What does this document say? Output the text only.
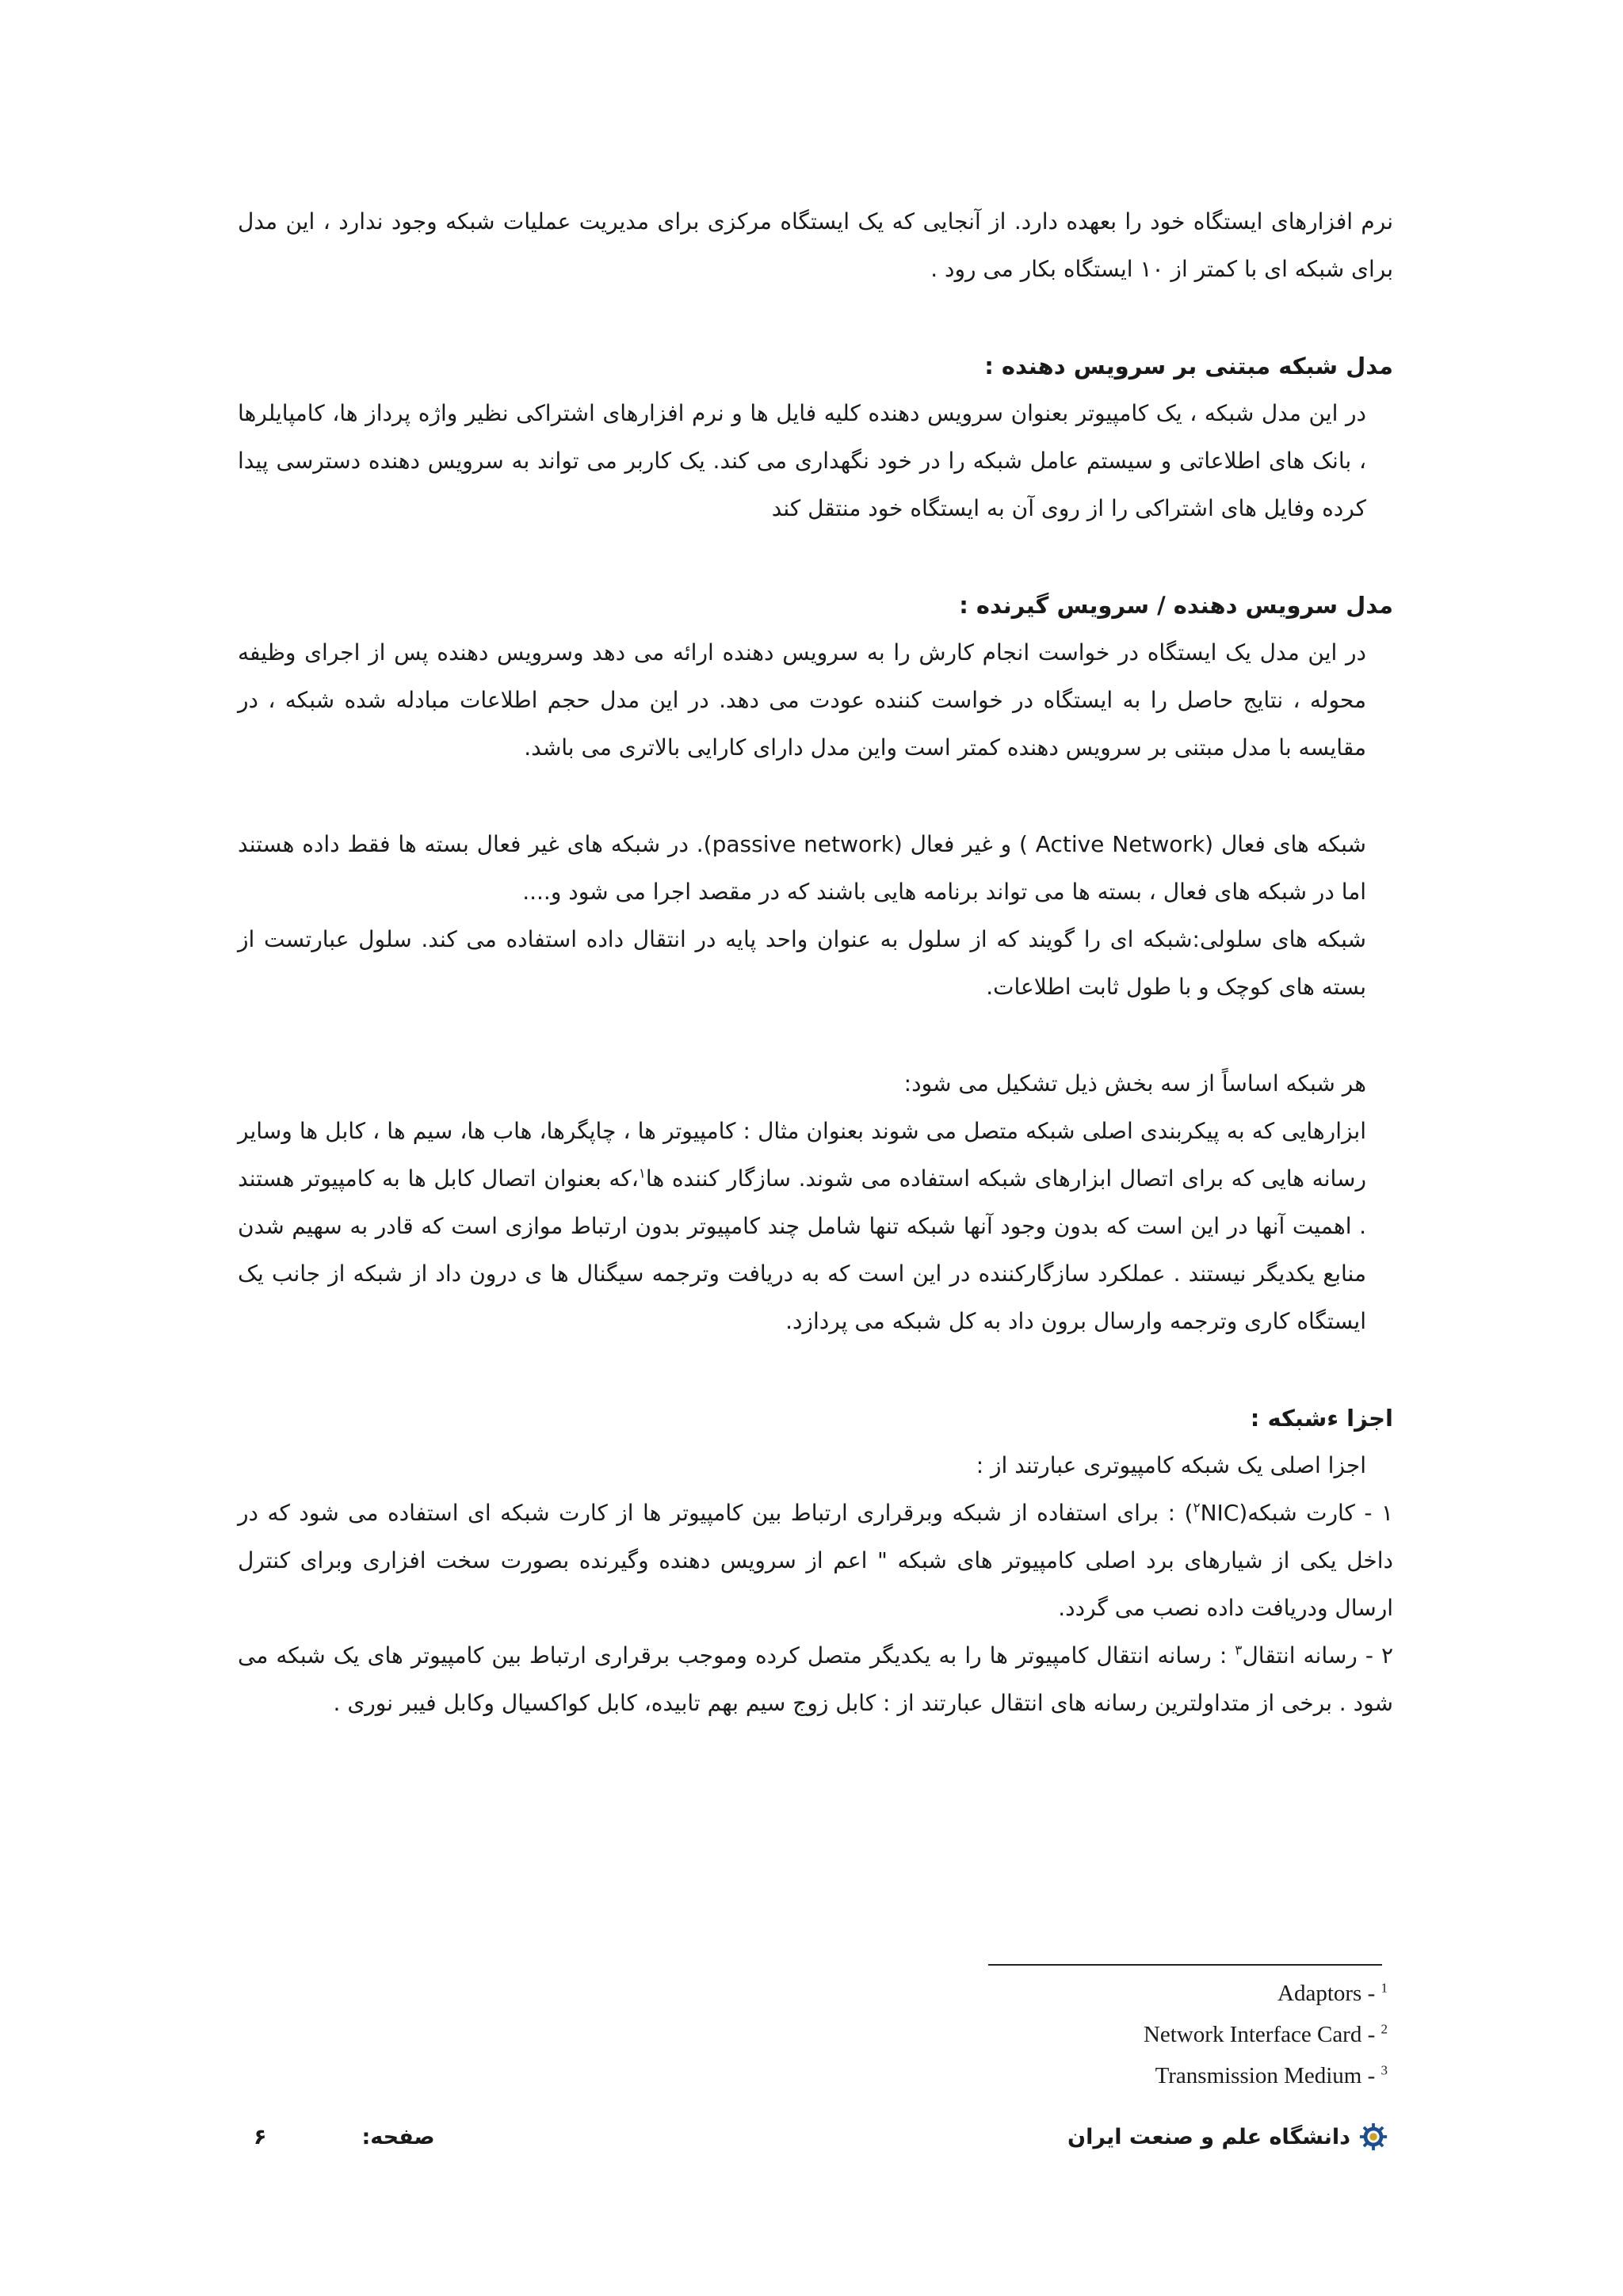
نرم افزارهای ایستگاه خود را بعهده دارد. از آنجایی که یک ایستگاه مرکزی برای مدیریت عملیات شبکه وجود ندارد ، این مدل برای شبکه ای با کمتر از ۱۰ ایستگاه بکار می رود .

مدل شبکه مبتنی بر سرویس دهنده :

در این مدل شبکه ، یک کامپیوتر بعنوان سرویس دهنده کلیه فایل ها و نرم افزارهای اشتراکی نظیر واژه پرداز ها، کامپایلرها ، بانک های اطلاعاتی و سیستم عامل شبکه را در خود نگهداری می کند. یک کاربر می تواند به سرویس دهنده دسترسی پیدا کرده وفایل های اشتراکی را از روی آن به ایستگاه خود منتقل کند

مدل سرویس دهنده / سرویس گیرنده :

در این مدل یک ایستگاه در خواست انجام کارش را به سرویس دهنده ارائه می دهد وسرویس دهنده پس از اجرای وظیفه محوله ، نتایج حاصل را به ایستگاه در خواست کننده عودت می دهد. در این مدل حجم اطلاعات مبادله شده شبکه ، در مقایسه با مدل مبتنی بر سرویس دهنده کمتر است واین مدل دارای کارایی بالاتری می باشد.

شبکه های فعال (Active Network ) و غیر فعال (passive network). در شبکه های غیر فعال بسته ها فقط داده هستند اما در شبکه های فعال ، بسته ها می تواند برنامه هایی باشند که در مقصد اجرا می شود و....

شبکه های سلولی:شبکه ای را گویند که از سلول به عنوان واحد پایه در انتقال داده استفاده می کند. سلول عبارتست از بسته های کوچک و با طول ثابت اطلاعات.

هر شبکه اساساً از سه بخش ذیل تشکیل می شود:

ابزارهایی که به پیکربندی اصلی شبکه متصل می شوند بعنوان مثال : کامپیوتر ها ، چاپگرها، هاب ها، سیم ها ، کابل ها وسایر رسانه هایی که برای اتصال ابزارهای شبکه استفاده می شوند. سازگار کننده ها$^۱$،که بعنوان اتصال کابل ها به کامپیوتر هستند . اهمیت آنها در این است که بدون وجود آنها شبکه تنها شامل چند کامپیوتر بدون ارتباط موازی است که قادر به سهیم شدن منابع یکدیگر نیستند . عملکرد سازگارکننده در این است که به دریافت وترجمه سیگنال ها ی درون داد از شبکه از جانب یک ایستگاه کاری وترجمه وارسال برون داد به کل شبکه می پردازد.

اجزا ءشبکه :

اجزا اصلی یک شبکه کامپیوتری عبارتند از :

۱ - کارت شبکه($^۲$NIC) : برای استفاده از شبکه وبرقراری ارتباط بین کامپیوتر ها از کارت شبکه ای استفاده می شود که در داخل یکی از شیارهای برد اصلی کامپیوتر های شبکه " اعم از سرویس دهنده وگیرنده بصورت سخت افزاری وبرای کنترل ارسال ودریافت داده نصب می گردد.

۲ - رسانه انتقال$^۳$ : رسانه انتقال کامپیوتر ها را به یکدیگر متصل کرده وموجب برقراری ارتباط بین کامپیوتر های یک شبکه می شود . برخی از متداولترین رسانه های انتقال عبارتند از : کابل زوج سیم بهم تابیده، کابل کواکسیال وکابل فیبر نوری .

Adaptors - $^1$
Network Interface Card - $^2$
Transmission Medium - $^3$
دانشگاه علم و صنعت ایران
صفحه:
۶
